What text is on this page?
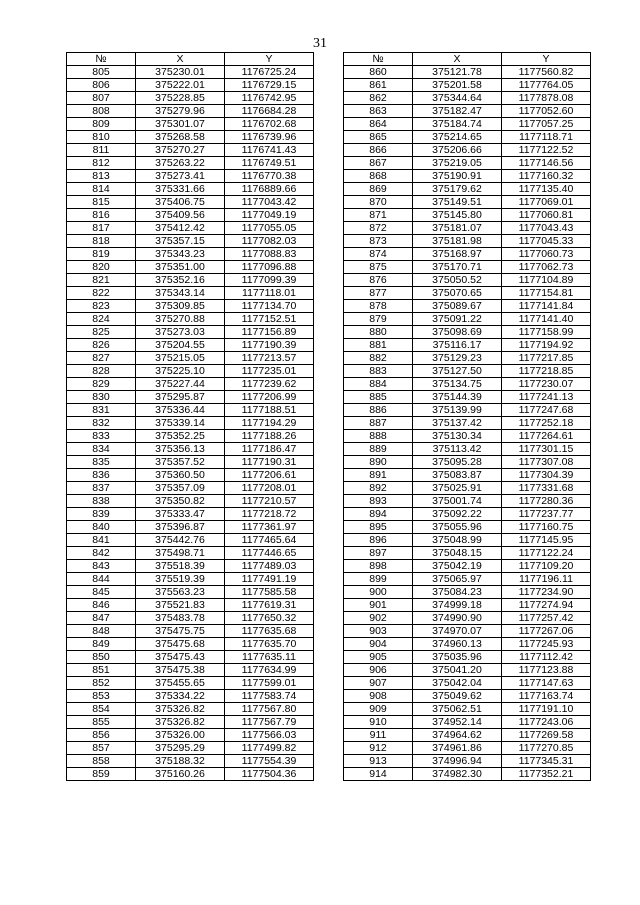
31
№	X	Y
805	375230.01	1176725.24
806	375222.01	1176729.15
807	375228.85	1176742.95
808	375279.96	1176684.28
809	375301.07	1176702.68
810	375268.58	1176739.96
811	375270.27	1176741.43
812	375263.22	1176749.51
813	375273.41	1176770.38
814	375331.66	1176889.66
815	375406.75	1177043.42
816	375409.56	1177049.19
817	375412.42	1177055.05
818	375357.15	1177082.03
819	375343.23	1177088.83
820	375351.00	1177096.88
821	375352.16	1177099.39
822	375343.14	1177118.01
823	375309.85	1177134.70
824	375270.88	1177152.51
825	375273.03	1177156.89
826	375204.55	1177190.39
827	375215.05	1177213.57
828	375225.10	1177235.01
829	375227.44	1177239.62
830	375295.87	1177206.99
831	375336.44	1177188.51
832	375339.14	1177194.29
833	375352.25	1177188.26
834	375356.13	1177186.47
835	375357.52	1177190.31
836	375360.50	1177206.61
837	375357.09	1177208.01
838	375350.82	1177210.57
839	375333.47	1177218.72
840	375396.87	1177361.97
841	375442.76	1177465.64
842	375498.71	1177446.65
843	375518.39	1177489.03
844	375519.39	1177491.19
845	375563.23	1177585.58
846	375521.83	1177619.31
847	375483.78	1177650.32
848	375475.75	1177635.68
849	375475.68	1177635.70
850	375475.43	1177635.11
851	375475.38	1177634.99
852	375455.65	1177599.01
853	375334.22	1177583.74
854	375326.82	1177567.80
855	375326.82	1177567.79
856	375326.00	1177566.03
857	375295.29	1177499.82
858	375188.32	1177554.39
859	375160.26	1177504.36
№	X	Y
860	375121.78	1177560.82
861	375201.58	1177764.05
862	375344.64	1177878.08
863	375182.47	1177052.60
864	375184.74	1177057.25
865	375214.65	1177118.71
866	375206.66	1177122.52
867	375219.05	1177146.56
868	375190.91	1177160.32
869	375179.62	1177135.40
870	375149.51	1177069.01
871	375145.80	1177060.81
872	375181.07	1177043.43
873	375181.98	1177045.33
874	375168.97	1177060.73
875	375170.71	1177062.73
876	375050.52	1177104.89
877	375070.65	1177154.81
878	375089.67	1177141.84
879	375091.22	1177141.40
880	375098.69	1177158.99
881	375116.17	1177194.92
882	375129.23	1177217.85
883	375127.50	1177218.85
884	375134.75	1177230.07
885	375144.39	1177241.13
886	375139.99	1177247.68
887	375137.42	1177252.18
888	375130.34	1177264.61
889	375113.42	1177301.15
890	375095.28	1177307.08
891	375083.87	1177304.39
892	375025.91	1177331.68
893	375001.74	1177280.36
894	375092.22	1177237.77
895	375055.96	1177160.75
896	375048.99	1177145.95
897	375048.15	1177122.24
898	375042.19	1177109.20
899	375065.97	1177196.11
900	375084.23	1177234.90
901	374999.18	1177274.94
902	374990.90	1177257.42
903	374970.07	1177267.06
904	374960.13	1177245.93
905	375035.96	1177112.42
906	375041.20	1177123.88
907	375042.04	1177147.63
908	375049.62	1177163.74
909	375062.51	1177191.10
910	374952.14	1177243.06
911	374964.62	1177269.58
912	374961.86	1177270.85
913	374996.94	1177345.31
914	374982.30	1177352.21
